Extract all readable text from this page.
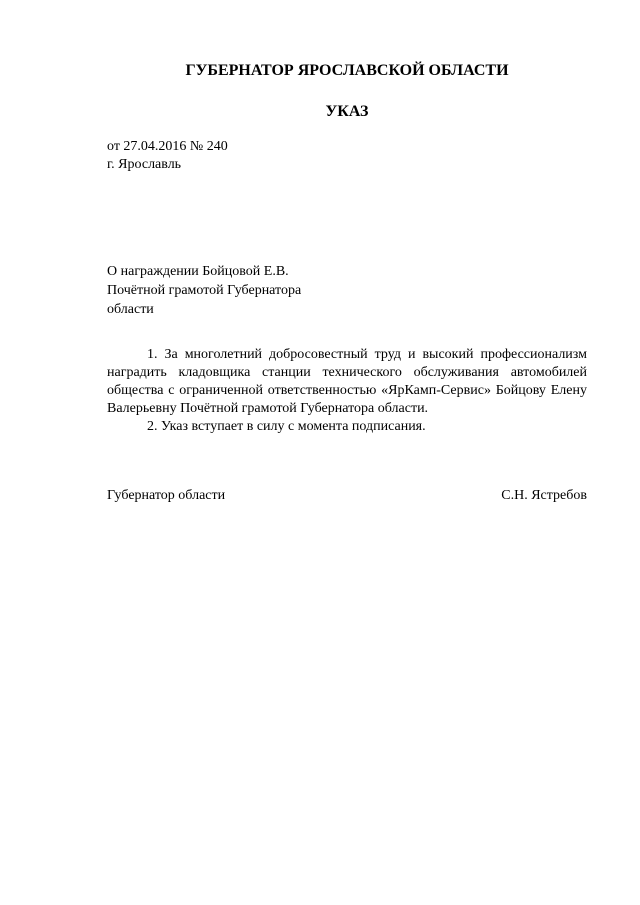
ГУБЕРНАТОР ЯРОСЛАВСКОЙ ОБЛАСТИ
УКАЗ
от 27.04.2016 № 240
г. Ярославль
О награждении Бойцовой Е.В.
Почётной грамотой Губернатора
области

1. За многолетний добросовестный труд и высокий профессионализм наградить кладовщика станции технического обслуживания автомобилей общества с ограниченной ответственностью «ЯрКамп-Сервис» Бойцову Елену Валерьевну Почётной грамотой Губернатора области.

2. Указ вступает в силу с момента подписания.

Губернатор области	С.Н. Ястребов
